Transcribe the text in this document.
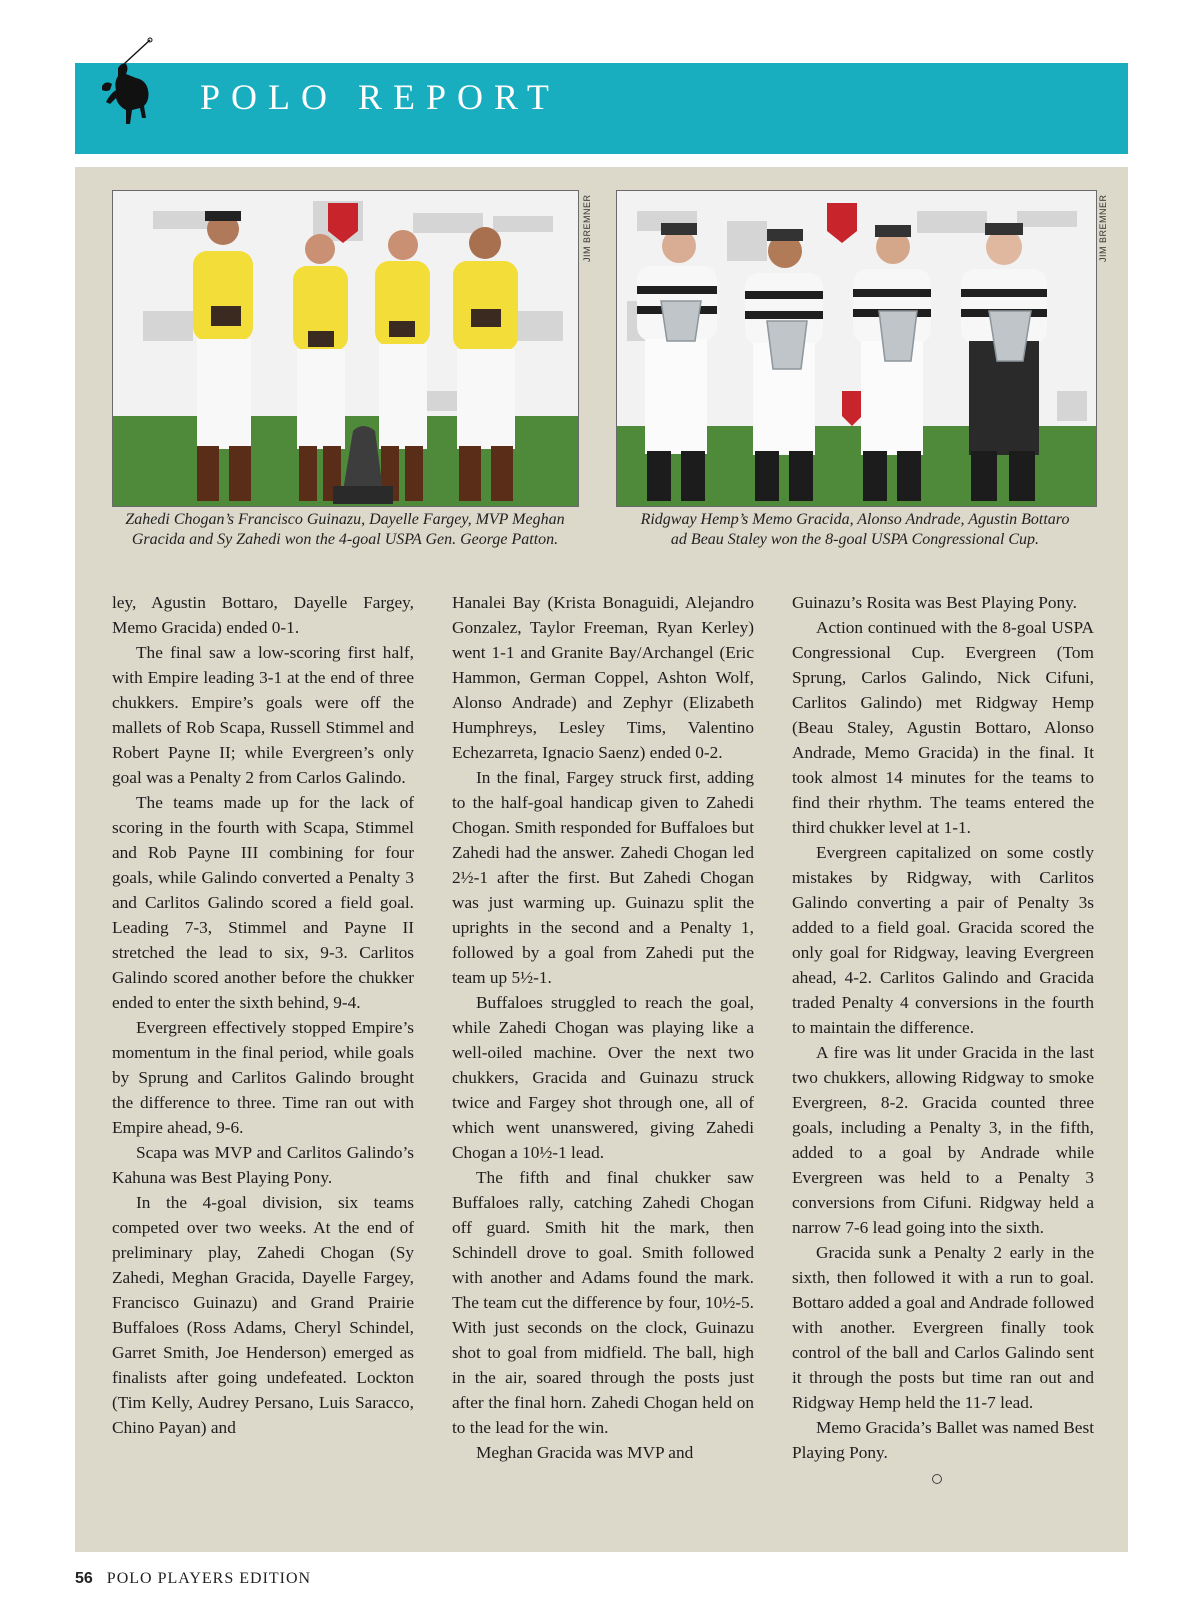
POLO REPORT
JIM BREMNER	JIM BREMNER
Zahedi Chogan’s Francisco Guinazu, Dayelle Fargey, MVP Meghan
Gracida and Sy Zahedi won the 4-goal USPA Gen. George Patton.
Ridgway Hemp’s Memo Gracida, Alonso Andrade, Agustin Bottaro
ad Beau Staley won the 8-goal USPA Congressional Cup.

ley, Agustin Bottaro, Dayelle Fargey, Memo Gracida) ended 0-1.

The final saw a low-scoring first half, with Empire leading 3-1 at the end of three chukkers. Empire’s goals were off the mallets of Rob Scapa, Russell Stimmel and Robert Payne II; while Evergreen’s only goal was a Penalty 2 from Carlos Galindo.

The teams made up for the lack of scoring in the fourth with Scapa, Stimmel and Rob Payne III combining for four goals, while Galindo converted a Penalty 3 and Carlitos Galindo scored a field goal. Leading 7-3, Stimmel and Payne II stretched the lead to six, 9-3. Carlitos Galindo scored another before the chukker ended to enter the sixth behind, 9-4.

Evergreen effectively stopped Empire’s momentum in the final period, while goals by Sprung and Carlitos Galindo brought the difference to three. Time ran out with Empire ahead, 9-6.

Scapa was MVP and Carlitos Galindo’s Kahuna was Best Playing Pony.

In the 4-goal division, six teams competed over two weeks. At the end of preliminary play, Zahedi Chogan (Sy Zahedi, Meghan Gracida, Dayelle Fargey, Francisco Guinazu) and Grand Prairie Buffaloes (Ross Adams, Cheryl Schindel, Garret Smith, Joe Henderson) emerged as finalists after going undefeated. Lockton (Tim Kelly, Audrey Persano, Luis Saracco, Chino Payan) and

Hanalei Bay (Krista Bonaguidi, Alejandro Gonzalez, Taylor Freeman, Ryan Kerley) went 1-1 and Granite Bay/Archangel (Eric Hammon, German Coppel, Ashton Wolf, Alonso Andrade) and Zephyr (Elizabeth Humphreys, Lesley Tims, Valentino Echezarreta, Ignacio Saenz) ended 0-2.

In the final, Fargey struck first, adding to the half-goal handicap given to Zahedi Chogan. Smith responded for Buffaloes but Zahedi had the answer. Zahedi Chogan led 2½-1 after the first. But Zahedi Chogan was just warming up. Guinazu split the uprights in the second and a Penalty 1, followed by a goal from Zahedi put the team up 5½-1.

Buffaloes struggled to reach the goal, while Zahedi Chogan was playing like a well-oiled machine. Over the next two chukkers, Gracida and Guinazu struck twice and Fargey shot through one, all of which went unanswered, giving Zahedi Chogan a 10½-1 lead.

The fifth and final chukker saw Buffaloes rally, catching Zahedi Chogan off guard. Smith hit the mark, then Schindell drove to goal. Smith followed with another and Adams found the mark. The team cut the difference by four, 10½-5. With just seconds on the clock, Guinazu shot to goal from midfield. The ball, high in the air, soared through the posts just after the final horn. Zahedi Chogan held on to the lead for the win.

Meghan Gracida was MVP and

Guinazu’s Rosita was Best Playing Pony.

Action continued with the 8-goal USPA Congressional Cup. Evergreen (Tom Sprung, Carlos Galindo, Nick Cifuni, Carlitos Galindo) met Ridgway Hemp (Beau Staley, Agustin Bottaro, Alonso Andrade, Memo Gracida) in the final. It took almost 14 minutes for the teams to find their rhythm. The teams entered the third chukker level at 1-1.

Evergreen capitalized on some costly mistakes by Ridgway, with Carlitos Galindo converting a pair of Penalty 3s added to a field goal. Gracida scored the only goal for Ridgway, leaving Evergreen ahead, 4-2. Carlitos Galindo and Gracida traded Penalty 4 conversions in the fourth to maintain the difference.

A fire was lit under Gracida in the last two chukkers, allowing Ridgway to smoke Evergreen, 8-2. Gracida counted three goals, including a Penalty 3, in the fifth, added to a goal by Andrade while Evergreen was held to a Penalty 3 conversions from Cifuni. Ridgway held a narrow 7-6 lead going into the sixth.

Gracida sunk a Penalty 2 early in the sixth, then followed it with a run to goal. Bottaro added a goal and Andrade followed with another. Evergreen finally took control of the ball and Carlos Galindo sent it through the posts but time ran out and Ridgway Hemp held the 11-7 lead.

Memo Gracida’s Ballet was named Best Playing Pony.

56 POLO PLAYERS EDITION
